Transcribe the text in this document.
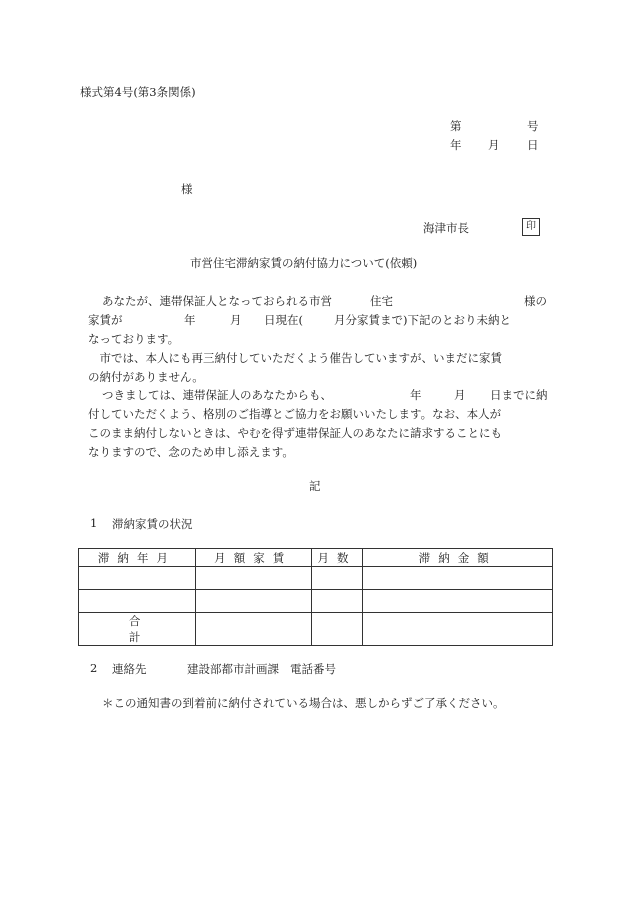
様式第4号(第3条関係)
第	号
年 月 日
様
海津市長	印
市営住宅滞納家賃の納付協力について(依頼)
あなたが、連帯保証人となっておられる市営	住宅	様の
家賃が	年	月 日現在(	月分家賃まで)下記のとおり未納と
なっております。
市では、本人にも再三納付していただくよう催告していますが、いまだに家賃
の納付がありません。
つきましては、連帯保証人のあなたからも、	年	月 日までに納
付していただくよう、格別のご指導とご協力をお願いいたします。なお、本人が
このまま納付しないときは、やむを得ず連帯保証人のあなたに請求することにも
なりますので、念のため申し添えます。
記
1 滞納家賃の状況
滞納年月	月額家賃	月数	滞納金額

合計			
2 連絡先	建設部都市計画課 電話番号
＊この通知書の到着前に納付されている場合は、悪しからずご了承ください。
